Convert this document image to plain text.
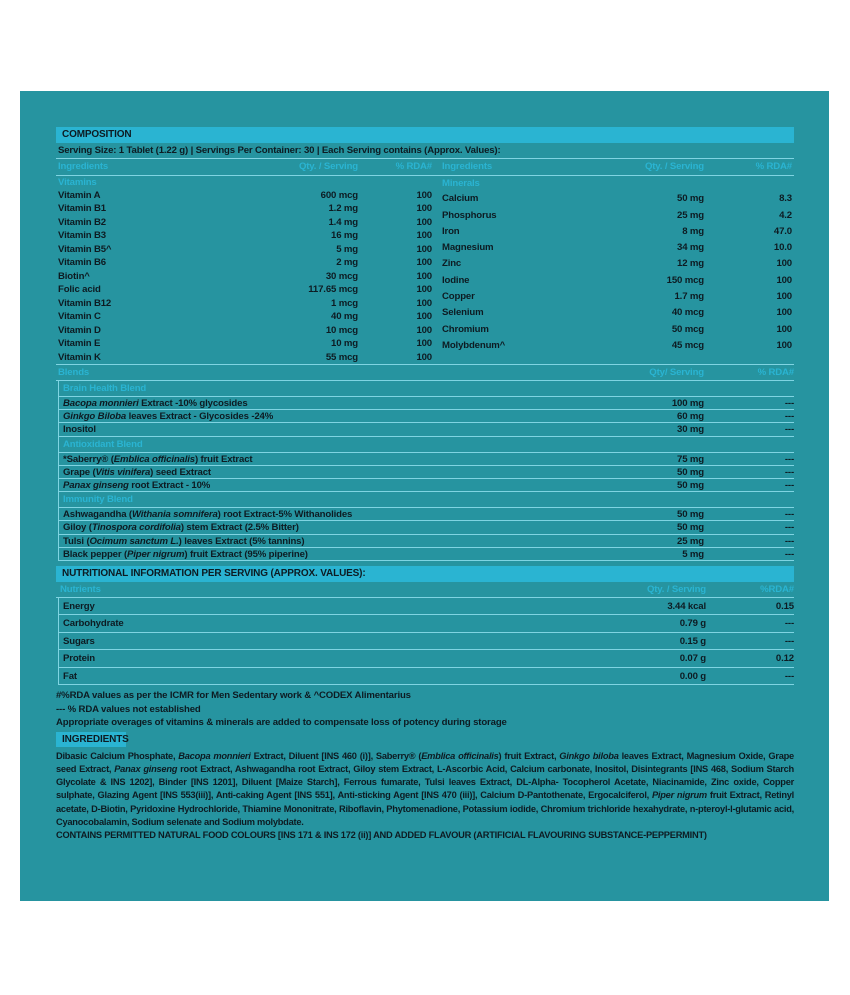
COMPOSITION
Serving Size: 1 Tablet (1.22 g) | Servings Per Container: 30 | Each Serving contains (Approx. Values):
Ingredients	Qty. / Serving	% RDA#
Vitamins
Vitamin A	600 mcg	100
Vitamin B1	1.2 mg	100
Vitamin B2	1.4 mg	100
Vitamin B3	16 mg	100
Vitamin B5^	5 mg	100
Vitamin B6	2 mg	100
Biotin^	30 mcg	100
Folic acid	117.65 mcg	100
Vitamin B12	1 mcg	100
Vitamin C	40 mg	100
Vitamin D	10 mcg	100
Vitamin E	10 mg	100
Vitamin K	55 mcg	100
Ingredients	Qty. / Serving	% RDA#
Minerals
Calcium	50 mg	8.3
Phosphorus	25 mg	4.2
Iron	8 mg	47.0
Magnesium	34 mg	10.0
Zinc	12 mg	100
Iodine	150 mcg	100
Copper	1.7 mg	100
Selenium	40 mcg	100
Chromium	50 mcg	100
Molybdenum^	45 mcg	100
Blends	Qty/ Serving	% RDA#
Brain Health Blend
Bacopa monnieri Extract -10% glycosides	100 mg	---
Ginkgo Biloba leaves Extract - Glycosides -24%	60 mg	---
Inositol	30 mg	---
Antioxidant Blend
*Saberry® (Emblica officinalis) fruit Extract	75 mg	---
Grape (Vitis vinifera) seed Extract	50 mg	---
Panax ginseng root Extract - 10%	50 mg	---
Immunity Blend
Ashwagandha (Withania somnifera) root Extract-5% Withanolides	50 mg	---
Giloy (Tinospora cordifolia) stem Extract (2.5% Bitter)	50 mg	---
Tulsi (Ocimum sanctum L.) leaves Extract (5% tannins)	25 mg	---
Black pepper (Piper nigrum) fruit Extract (95% piperine)	5 mg	---
NUTRITIONAL INFORMATION PER SERVING (APPROX. VALUES):
Nutrients	Qty. / Serving	%RDA#
Energy	3.44 kcal	0.15
Carbohydrate	0.79 g	---
Sugars	0.15 g	---
Protein	0.07 g	0.12
Fat	0.00 g	---
#%RDA values as per the ICMR for Men Sedentary work & ^CODEX Alimentarius
--- % RDA values not established
Appropriate overages of vitamins & minerals are added to compensate loss of potency during storage
INGREDIENTS
Dibasic Calcium Phosphate, Bacopa monnieri Extract, Diluent [INS 460 (i)], Saberry® (Emblica officinalis) fruit Extract, Ginkgo biloba leaves Extract, Magnesium Oxide, Grape seed Extract, Panax ginseng root Extract, Ashwagandha root Extract, Giloy stem Extract, L-Ascorbic Acid, Calcium carbonate, Inositol, Disintegrants [INS 468, Sodium Starch Glycolate & INS 1202], Binder [INS 1201], Diluent [Maize Starch], Ferrous fumarate, Tulsi leaves Extract, DL-Alpha- Tocopherol Acetate, Niacinamide, Zinc oxide, Copper sulphate, Glazing Agent [INS 553(iii)], Anti-caking Agent [INS 551], Anti-sticking Agent [INS 470 (iii)], Calcium D-Pantothenate, Ergocalciferol, Piper nigrum fruit Extract, Retinyl acetate, D-Biotin, Pyridoxine Hydrochloride, Thiamine Mononitrate, Riboflavin, Phytomenadione, Potassium iodide, Chromium trichloride hexahydrate, n-pteroyl-l-glutamic acid, Cyanocobalamin, Sodium selenate and Sodium molybdate.
CONTAINS PERMITTED NATURAL FOOD COLOURS [INS 171 & INS 172 (ii)] AND ADDED FLAVOUR (ARTIFICIAL FLAVOURING SUBSTANCE-PEPPERMINT)
